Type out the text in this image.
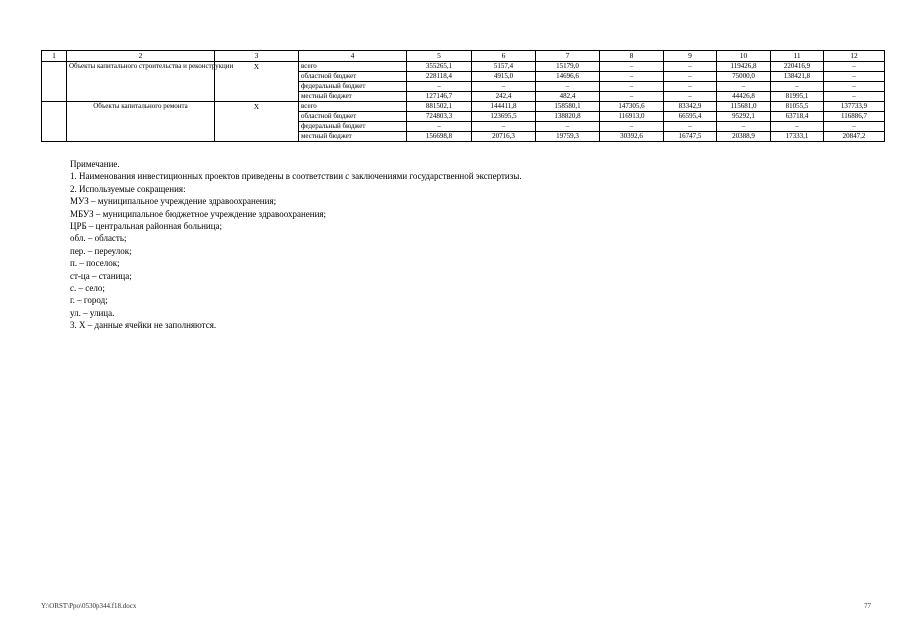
1	2	3	4	5	6	7	8	9	10	11	12
	Объекты капитального строительства и реконструкции	Х	всего	355265,1	5157,4	15179,0	–	–	119426,8	220416,9	–
			областной бюджет	228118,4	4915,0	14696,6	–	–	75000,0	138421,8	–
			федеральный бюджет	–	–	–	–	–	–	–	–
			местный бюджет	127146,7	242,4	482,4	–	–	44426,8	81995,1	–
	Объекты капитального ремонта	Х	всего	881502,1	144411,8	158580,1	147305,6	83342,9	115681,0	81055,5	137733,9
			областной бюджет	724803,3	123695,5	138820,8	116913,0	66595,4	95292,1	63718,4	116886,7
			федеральный бюджет	–	–	–	–	–	–	–	–
			местный бюджет	156698,8	20716,3	19759,3	30392,6	16747,5	20388,9	17333,1	20847,2
Примечание.
1. Наименования инвестиционных проектов приведены в соответствии с заключениями государственной экспертизы.
2. Используемые сокращения:
МУЗ – муниципальное учреждение здравоохранения;
МБУЗ – муниципальное бюджетное учреждение здравоохранения;
ЦРБ – центральная районная больница;
обл. – область;
пер. – переулок;
п. – поселок;
ст-ца – станица;
с. – село;
г. – город;
ул. – улица.
3. Х – данные ячейки не заполняются.
Y:\ORST\Ppo\0530p344.f18.docx	77
